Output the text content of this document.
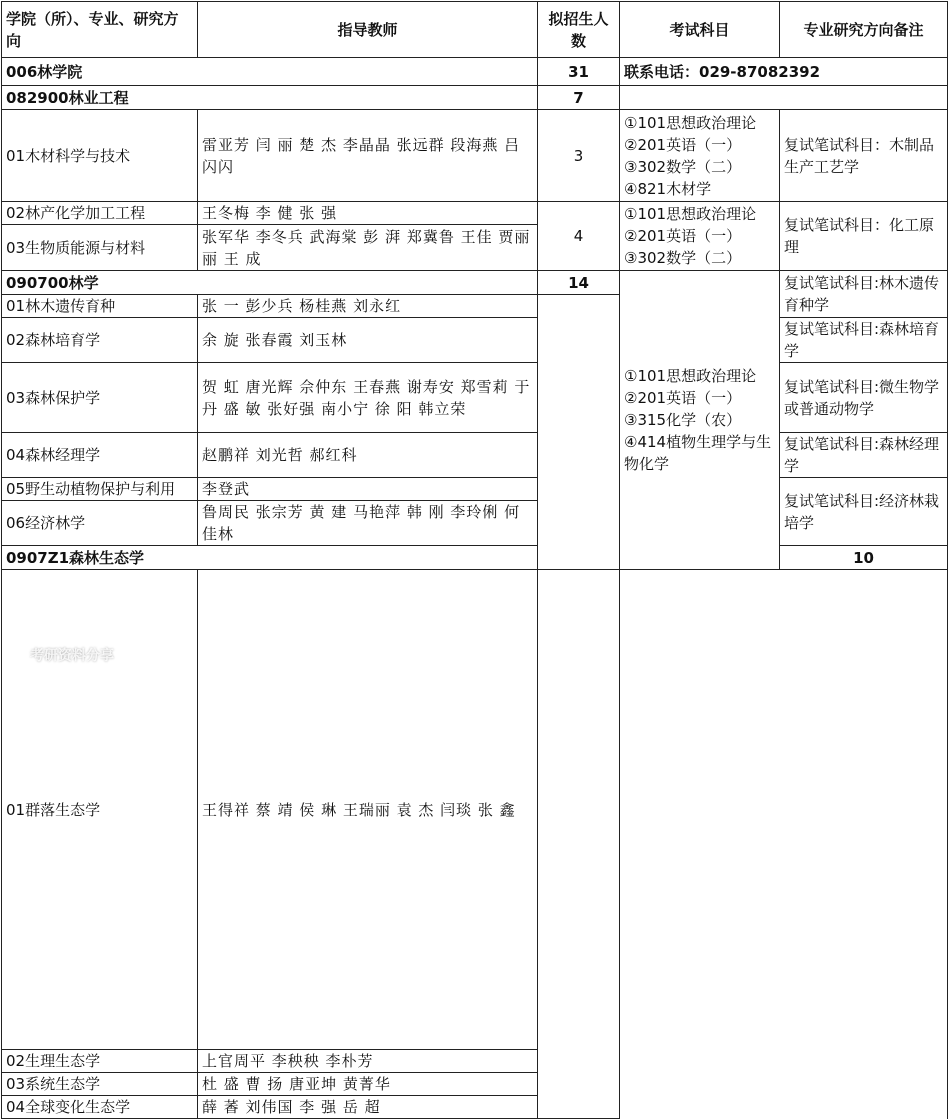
学院（所）、专业、研究方向	指导教师	拟招生人数	考试科目	专业研究方向备注	
006林学院		31	联系电话：029-87082392		
082900林业工程		7			
01木材科学与技术	雷亚芳 闫 丽 楚 杰 李晶晶 张远群 段海燕 吕闪闪	3	①101思想政治理论
②201英语（一）
③302数学（二）
④821木材学	复试笔试科目：木制品生产工艺学	
02林产化学加工工程	王冬梅 李 健 张 强	4	①101思想政治理论
②201英语（一）
③302数学（二）	复试笔试科目：化工原理	
03生物质能源与材料	张军华 李冬兵 武海棠 彭 湃 郑冀鲁 王佳 贾丽丽 王 成				
090700林学		14	①101思想政治理论
②201英语（一）
③315化学（农）
④414植物生理学与生物化学	复试笔试科目:林木遗传育种学	
01林木遗传育种	张 一 彭少兵 杨桂燕 刘永红				
02森林培育学	余 旋 张春霞 刘玉林			复试笔试科目:森林培育学	
03森林保护学	贺 虹 唐光辉 佘仲东 王春燕 谢寿安 郑雪莉 于 丹 盛 敏 张好强 南小宁 徐 阳 韩立荣			复试笔试科目:微生物学或普通动物学	
04森林经理学	赵鹏祥 刘光哲 郝红科			复试笔试科目:森林经理学	
05野生动植物保护与利用	李登武			复试笔试科目:经济林栽培学	
06经济林学	鲁周民 张宗芳 黄 建 马艳萍 韩 刚 李玲俐 何佳林				
0907Z1森林生态学				10	

01群落生态学	王得祥 蔡 靖 侯 琳 王瑞丽 袁 杰 闫琰 张 鑫				
02生理生态学	上官周平 李秧秧 李朴芳				
03系统生态学	杜 盛 曹 扬 唐亚坤 黄菁华				
04全球变化生态学	薛 萫 刘伟国 李 强 岳 超				
考研资料分享
